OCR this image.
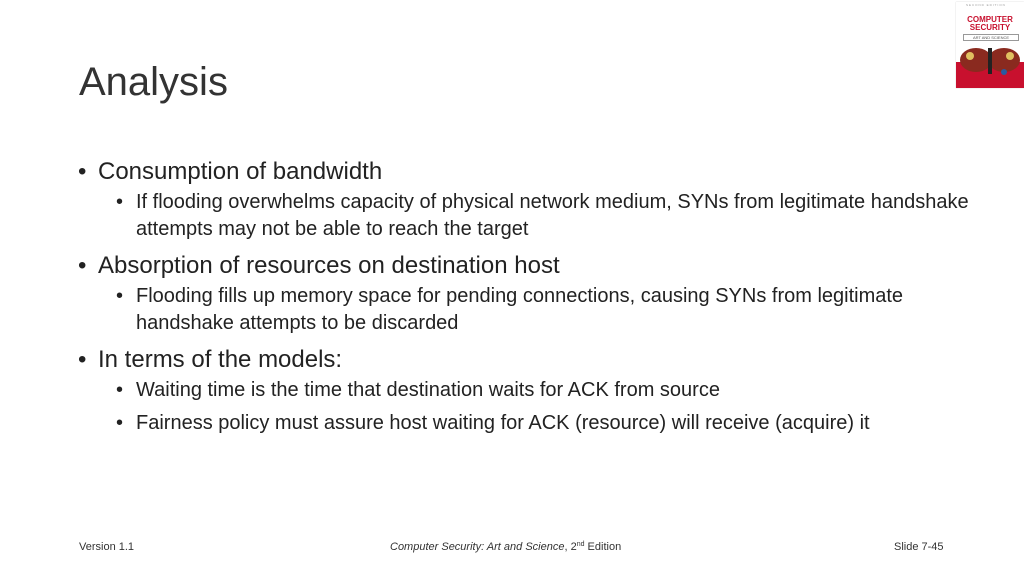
Analysis
SECOND EDITION
COMPUTER
SECURITY
ART AND SCIENCE
• Consumption of bandwidth
• If flooding overwhelms capacity of physical network medium, SYNs from legitimate handshake attempts may not be able to reach the target
• Absorption of resources on destination host
• Flooding fills up memory space for pending connections, causing SYNs from legitimate handshake attempts to be discarded
• In terms of the models:
• Waiting time is the time that destination waits for ACK from source
• Fairness policy must assure host waiting for ACK (resource) will receive (acquire) it
Version 1.1	Computer Security: Art and Science, 2nd Edition	Slide 7-45
